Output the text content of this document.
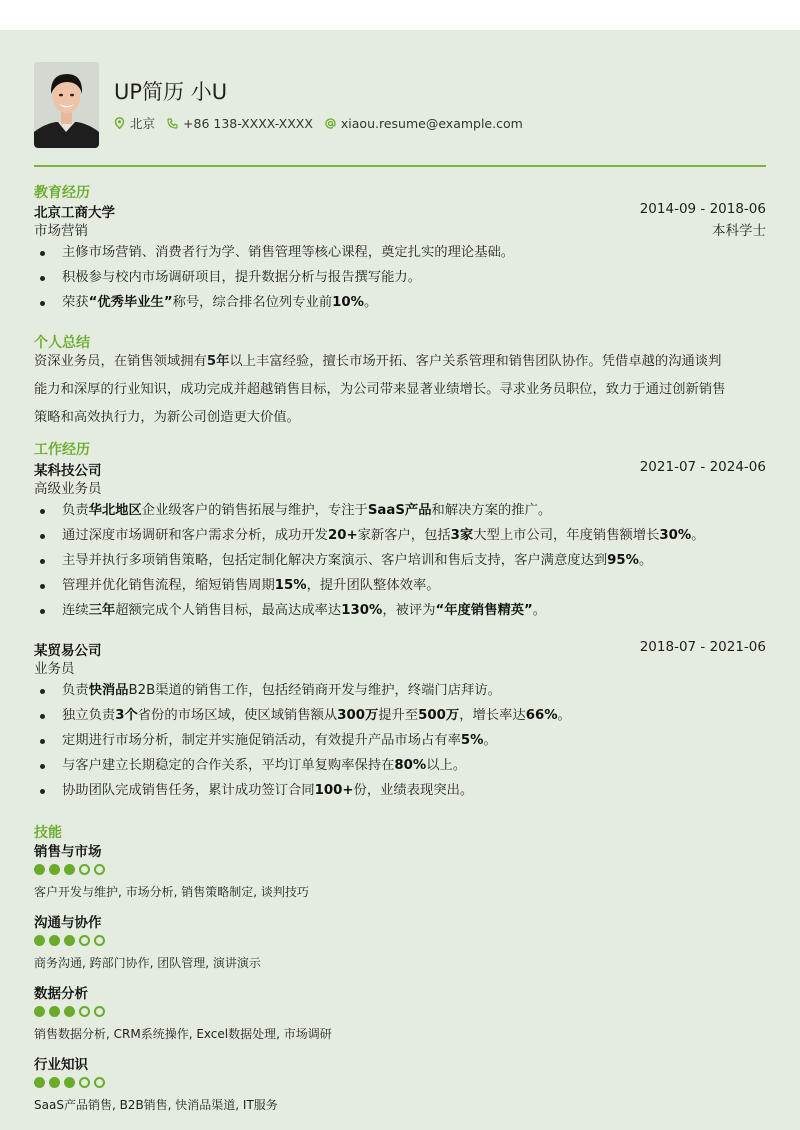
UP简历 小U
北京 +86 138-XXXX-XXXX xiaou.resume@example.com
教育经历
北京工商大学	2014-09 - 2018-06
市场营销	本科学士
主修市场营销、消费者行为学、销售管理等核心课程，奠定扎实的理论基础。
积极参与校内市场调研项目，提升数据分析与报告撰写能力。
荣获“优秀毕业生”称号，综合排名位列专业前10%。
个人总结
资深业务员，在销售领域拥有5年以上丰富经验，擅长市场开拓、客户关系管理和销售团队协作。凭借卓越的沟通谈判
能力和深厚的行业知识，成功完成并超越销售目标，为公司带来显著业绩增长。寻求业务员职位，致力于通过创新销售
策略和高效执行力，为新公司创造更大价值。
工作经历
某科技公司	2021-07 - 2024-06
高级业务员
负责华北地区企业级客户的销售拓展与维护，专注于SaaS产品和解决方案的推广。
通过深度市场调研和客户需求分析，成功开发20+家新客户，包括3家大型上市公司，年度销售额增长30%。
主导并执行多项销售策略，包括定制化解决方案演示、客户培训和售后支持，客户满意度达到95%。
管理并优化销售流程，缩短销售周期15%，提升团队整体效率。
连续三年超额完成个人销售目标，最高达成率达130%，被评为“年度销售精英”。
某贸易公司	2018-07 - 2021-06
业务员
负责快消品B2B渠道的销售工作，包括经销商开发与维护，终端门店拜访。
独立负责3个省份的市场区域，使区域销售额从300万提升至500万，增长率达66%。
定期进行市场分析，制定并实施促销活动，有效提升产品市场占有率5%。
与客户建立长期稳定的合作关系，平均订单复购率保持在80%以上。
协助团队完成销售任务，累计成功签订合同100+份，业绩表现突出。
技能
销售与市场
客户开发与维护, 市场分析, 销售策略制定, 谈判技巧
沟通与协作
商务沟通, 跨部门协作, 团队管理, 演讲演示
数据分析
销售数据分析, CRM系统操作, Excel数据处理, 市场调研
行业知识
SaaS产品销售, B2B销售, 快消品渠道, IT服务
